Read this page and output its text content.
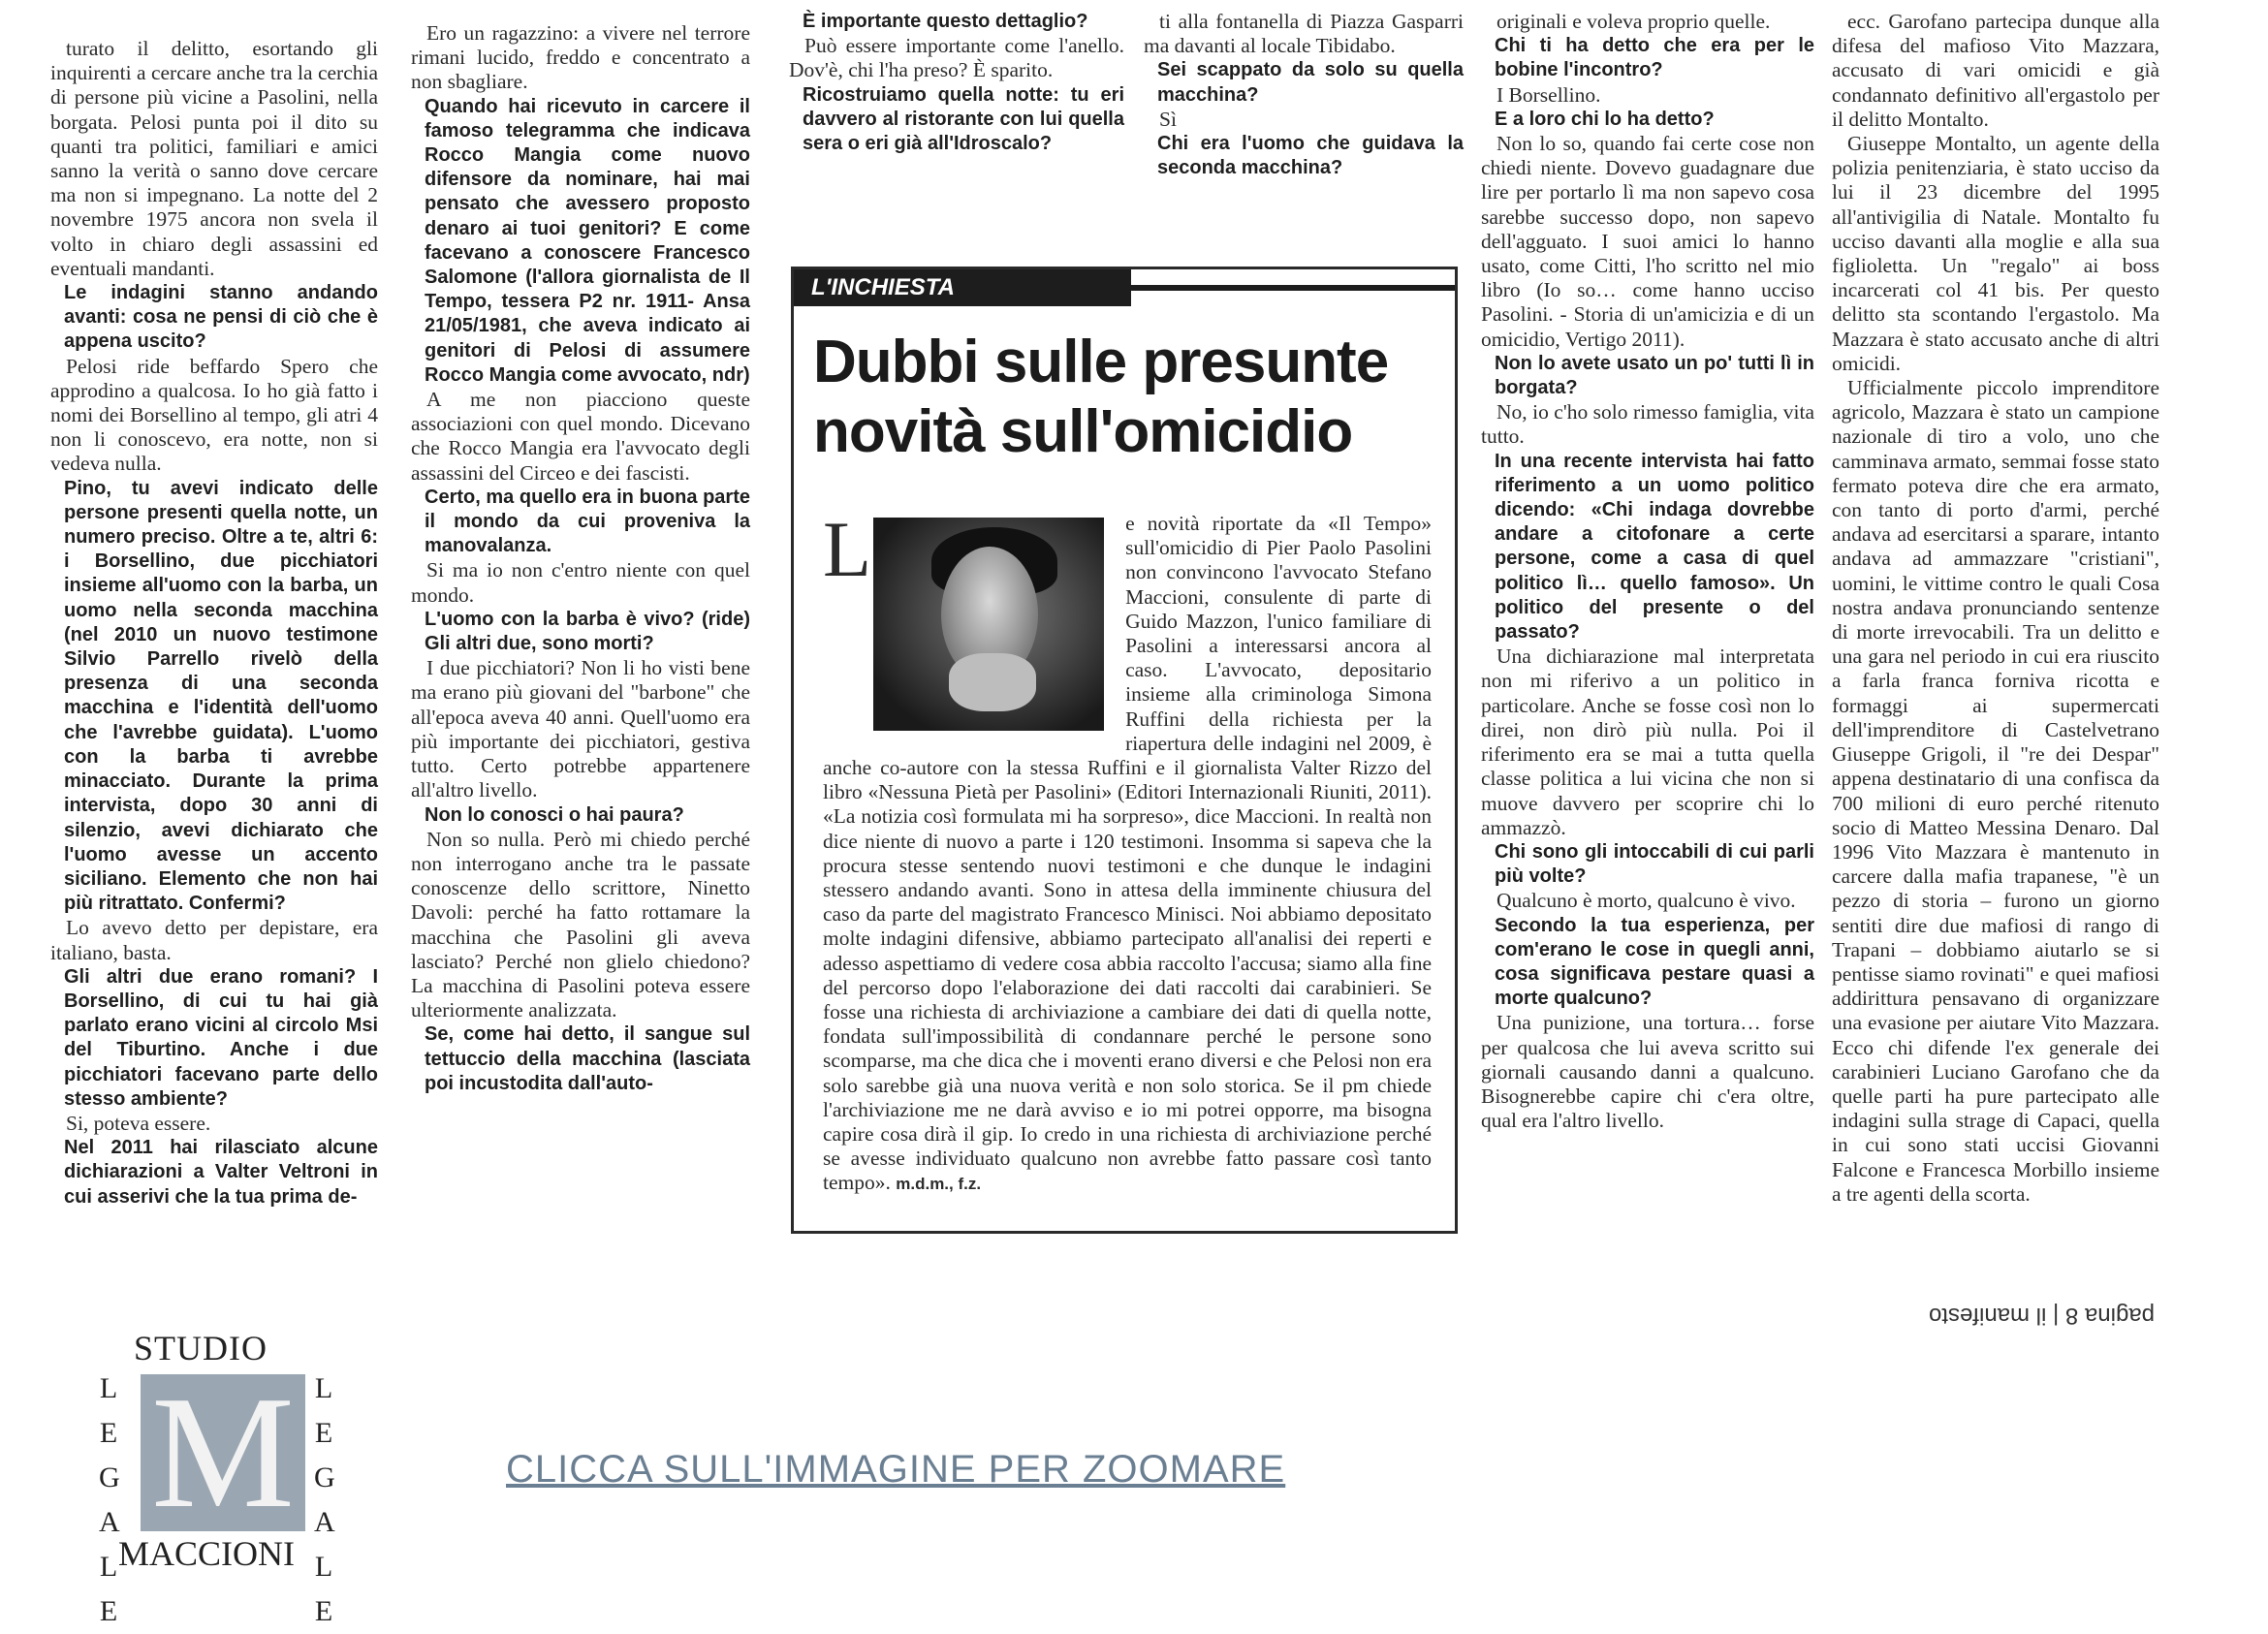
turato il delitto, esortando gli inquirenti a cercare anche tra la cerchia di persone più vicine a Pasolini, nella borgata. Pelosi punta poi il dito su quanti tra politici, familiari e amici sanno la verità o sanno dove cercare ma non si impegnano. La notte del 2 novembre 1975 ancora non svela il volto in chiaro degli assassini ed eventuali mandanti.

Le indagini stanno andando avanti: cosa ne pensi di ciò che è appena uscito?

Pelosi ride beffardo Spero che approdino a qualcosa. Io ho già fatto i nomi dei Borsellino al tempo, gli atri 4 non li conoscevo, era notte, non si vedeva nulla.

Pino, tu avevi indicato delle persone presenti quella notte, un numero preciso. Oltre a te, altri 6: i Borsellino, due picchiatori insieme all'uomo con la barba, un uomo nella seconda macchina (nel 2010 un nuovo testimone Silvio Parrello rivelò della presenza di una seconda macchina e l'identità dell'uomo che l'avrebbe guidata). L'uomo con la barba ti avrebbe minacciato. Durante la prima intervista, dopo 30 anni di silenzio, avevi dichiarato che l'uomo avesse un accento siciliano. Elemento che non hai più ritrattato. Confermi?

Lo avevo detto per depistare, era italiano, basta.

Gli altri due erano romani? I Borsellino, di cui tu hai già parlato erano vicini al circolo Msi del Tiburtino. Anche i due picchiatori facevano parte dello stesso ambiente?

Si, poteva essere.

Nel 2011 hai rilasciato alcune dichiarazioni a Valter Veltroni in cui asserivi che la tua prima de-

Ero un ragazzino: a vivere nel terrore rimani lucido, freddo e concentrato a non sbagliare.

Quando hai ricevuto in carcere il famoso telegramma che indicava Rocco Mangia come nuovo difensore da nominare, hai mai pensato che avessero proposto denaro ai tuoi genitori? E come facevano a conoscere Francesco Salomone (l'allora giornalista de Il Tempo, tessera P2 nr. 1911- Ansa 21/05/1981, che aveva indicato ai genitori di Pelosi di assumere Rocco Mangia come avvocato, ndr)

A me non piacciono queste associazioni con quel mondo. Dicevano che Rocco Mangia era l'avvocato degli assassini del Circeo e dei fascisti.

Certo, ma quello era in buona parte il mondo da cui proveniva la manovalanza.

Si ma io non c'entro niente con quel mondo.

L'uomo con la barba è vivo? (ride) Gli altri due, sono morti?

I due picchiatori? Non li ho visti bene ma erano più giovani del "barbone" che all'epoca aveva 40 anni. Quell'uomo era più importante dei picchiatori, gestiva tutto. Certo potrebbe appartenere all'altro livello.

Non lo conosci o hai paura?

Non so nulla. Però mi chiedo perché non interrogano anche tra le passate conoscenze dello scrittore, Ninetto Davoli: perché ha fatto rottamare la macchina che Pasolini gli aveva lasciato? Perché non glielo chiedono? La macchina di Pasolini poteva essere ulteriormente analizzata.

Se, come hai detto, il sangue sul tettuccio della macchina (lasciata poi incustodita dall'auto-

È importante questo dettaglio?

Può essere importante come l'anello. Dov'è, chi l'ha preso? È sparito.

Ricostruiamo quella notte: tu eri davvero al ristorante con lui quella sera o eri già all'Idroscalo?

ti alla fontanella di Piazza Gasparri ma davanti al locale Tibidabo.

Sei scappato da solo su quella macchina?

Sì

Chi era l'uomo che guidava la seconda macchina?

originali e voleva proprio quelle.

Chi ti ha detto che era per le bobine l'incontro?

I Borsellino.

E a loro chi lo ha detto?

Non lo so, quando fai certe cose non chiedi niente. Dovevo guadagnare due lire per portarlo lì ma non sapevo cosa sarebbe successo dopo, non sapevo dell'agguato. I suoi amici lo hanno usato, come Citti, l'ho scritto nel mio libro (Io so… come hanno ucciso Pasolini. - Storia di un'amicizia e di un omicidio, Vertigo 2011).

Non lo avete usato un po' tutti lì in borgata?

No, io c'ho solo rimesso famiglia, vita tutto.

In una recente intervista hai fatto riferimento a un uomo politico dicendo: «Chi indaga dovrebbe andare a citofonare a certe persone, come a casa di quel politico lì… quello famoso». Un politico del presente o del passato?

Una dichiarazione mal interpretata non mi riferivo a un politico in particolare. Anche se fosse così non lo direi, non dirò più nulla. Poi il riferimento era se mai a tutta quella classe politica a lui vicina che non si muove davvero per scoprire chi lo ammazzò.

Chi sono gli intoccabili di cui parli più volte?

Qualcuno è morto, qualcuno è vivo.

Secondo la tua esperienza, per com'erano le cose in quegli anni, cosa significava pestare quasi a morte qualcuno?

Una punizione, una tortura… forse per qualcosa che lui aveva scritto sui giornali causando danni a qualcuno. Bisognerebbe capire chi c'era oltre, qual era l'altro livello.

ecc. Garofano partecipa dunque alla difesa del mafioso Vito Mazzara, accusato di vari omicidi e già condannato definitivo all'ergastolo per il delitto Montalto.

Giuseppe Montalto, un agente della polizia penitenziaria, è stato ucciso da lui il 23 dicembre del 1995 all'antivigilia di Natale. Montalto fu ucciso davanti alla moglie e alla sua figlioletta. Un "regalo" ai boss incarcerati col 41 bis. Per questo delitto sta scontando l'ergastolo. Ma Mazzara è stato accusato anche di altri omicidi.

Ufficialmente piccolo imprenditore agricolo, Mazzara è stato un campione nazionale di tiro a volo, uno che camminava armato, semmai fosse stato fermato poteva dire che era armato, con tanto di porto d'armi, perché andava ad esercitarsi a sparare, intanto andava ad ammazzare "cristiani", uomini, le vittime contro le quali Cosa nostra andava pronunciando sentenze di morte irrevocabili. Tra un delitto e una gara nel periodo in cui era riuscito a farla franca forniva ricotta e formaggi ai supermercati dell'imprenditore di Castelvetrano Giuseppe Grigoli, il "re dei Despar" appena destinatario di una confisca da 700 milioni di euro perché ritenuto socio di Matteo Messina Denaro. Dal 1996 Vito Mazzara è mantenuto in carcere dalla mafia trapanese, "è un pezzo di storia – furono un giorno sentiti dire due mafiosi di rango di Trapani – dobbiamo aiutarlo se si pentisse siamo rovinati" e quei mafiosi addirittura pensavano di organizzare una evasione per aiutare Vito Mazzara. Ecco chi difende l'ex generale dei carabinieri Luciano Garofano che da quelle parti ha pure partecipato alle indagini sulla strage di Capaci, quella in cui sono stati uccisi Giovanni Falcone e Francesca Morbillo insieme a tre agenti della scorta.

L'INCHIESTA
Dubbi sulle presunte novità sull'omicidio
L	e novità riportate da «Il Tempo» sull'omicidio di Pier Paolo Pasolini non convincono l'avvocato Stefano Maccioni, consulente di parte di Guido Mazzon, l'unico familiare di Pasolini a interessarsi ancora al caso. L'avvocato, depositario insieme alla criminologa Simona Ruffini della richiesta per la riapertura delle indagini nel 2009, è anche co-autore con la stessa Ruffini e il giornalista Valter Rizzo del libro «Nessuna Pietà per Pasolini» (Editori Internazionali Riuniti, 2011). «La notizia così formulata mi ha sorpreso», dice Maccioni. In realtà non dice niente di nuovo a parte i 120 testimoni. Insomma si sapeva che la procura stesse sentendo nuovi testimoni e che dunque le indagini stessero andando avanti. Sono in attesa della imminente chiusura del caso da parte del magistrato Francesco Minisci. Noi abbiamo depositato molte indagini difensive, abbiamo partecipato all'analisi dei reperti e adesso aspettiamo di vedere cosa abbia raccolto l'accusa; siamo alla fine del percorso dopo l'elaborazione dei dati raccolti dai carabinieri. Se fosse una richiesta di archiviazione a cambiare dei dati di quella notte, fondata sull'impossibilità di condannare perché le persone sono scomparse, ma che dica che i moventi erano diversi e che Pelosi non era solo sarebbe già una nuova verità e non solo storica. Se il pm chiede l'archiviazione me ne darà avviso e io mi potrei opporre, ma bisogna capire cosa dirà il gip. Io credo in una richiesta di archiviazione perché se avesse individuato qualcuno non avrebbe fatto passare così tanto tempo». m.d.m., f.z.
pagina 8 | il manifesto
STUDIO
L
E
G
A
L
E
L
E
G
A
L
E
M
MACCIONI
CLICCA SULL'IMMAGINE PER ZOOMARE
